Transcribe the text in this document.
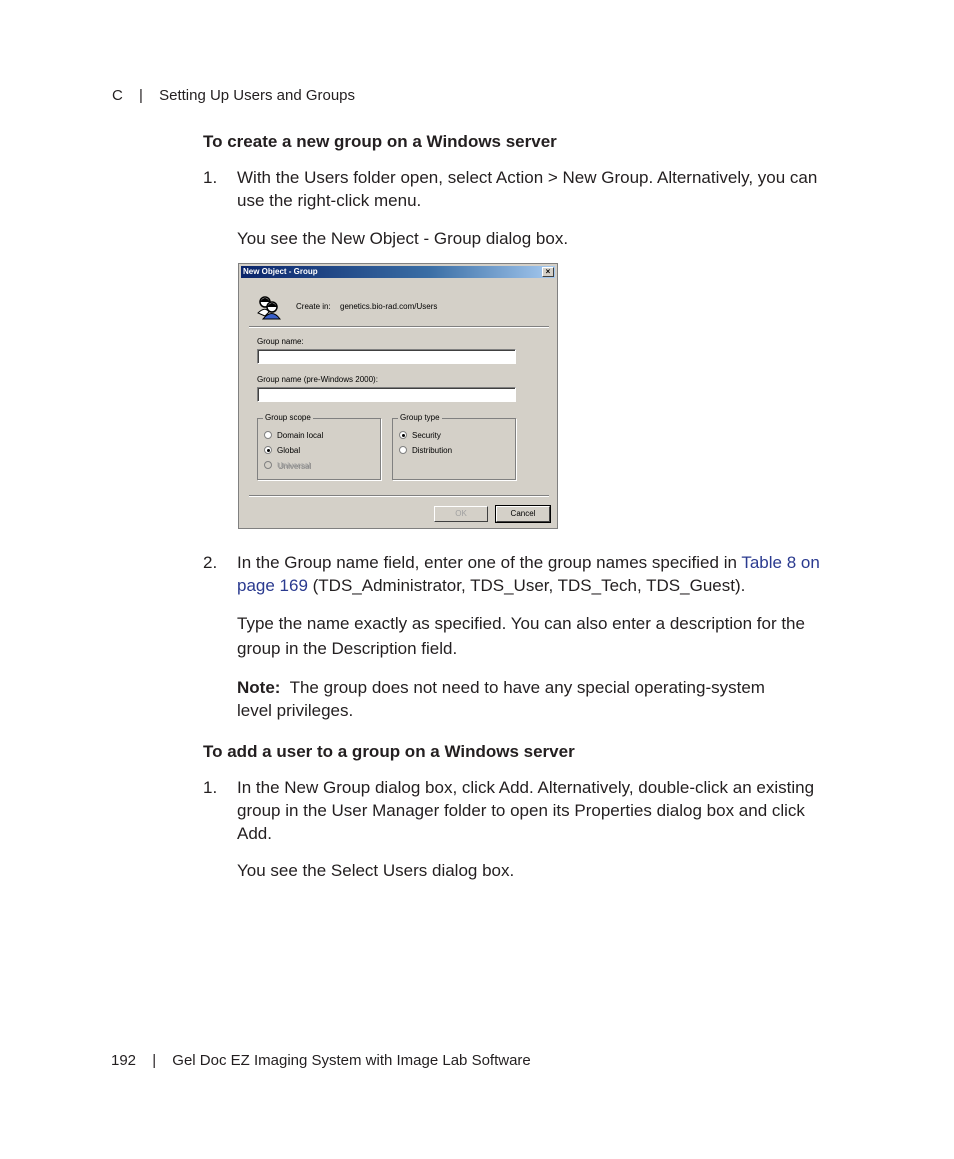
C | Setting Up Users and Groups
To create a new group on a Windows server
1. With the Users folder open, select Action > New Group. Alternatively, you can use the right-click menu.
You see the New Object - Group dialog box.
New Object - Group	×
Create in: genetics.bio-rad.com/Users
Group name:
Group name (pre-Windows 2000):
Group scope
Domain local
Global
Universal
Group type
Security
Distribution
OK	Cancel
2. In the Group name field, enter one of the group names specified in Table 8 on page 169 (TDS_Administrator, TDS_User, TDS_Tech, TDS_Guest).
Type the name exactly as specified. You can also enter a description for the group in the Description field.
Note: The group does not need to have any special operating-system level privileges.
To add a user to a group on a Windows server
1. In the New Group dialog box, click Add. Alternatively, double-click an existing group in the User Manager folder to open its Properties dialog box and click Add.
You see the Select Users dialog box.
192 | Gel Doc EZ Imaging System with Image Lab Software
